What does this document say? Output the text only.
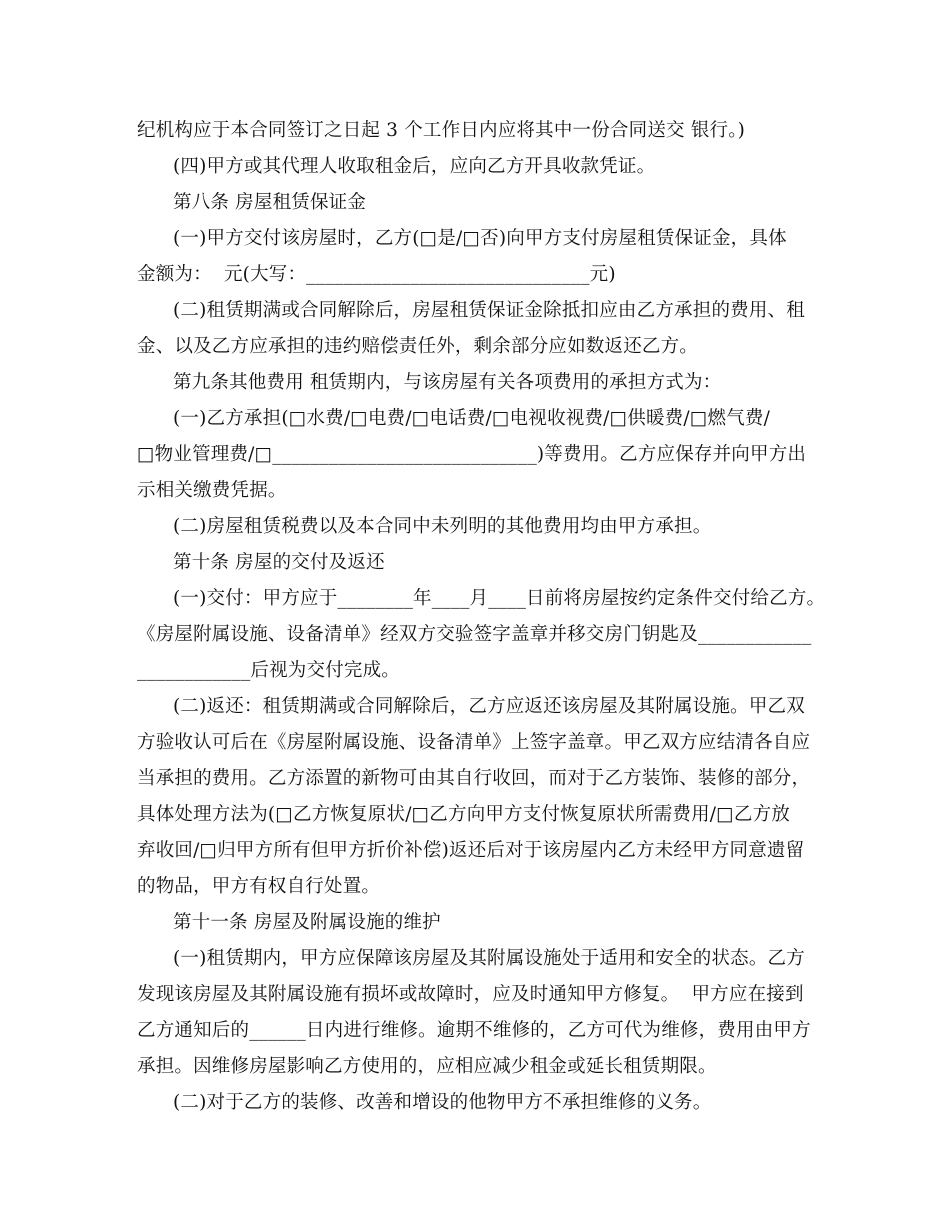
纪机构应于本合同签订之日起 3 个工作日内应将其中一份合同送交 银行。)
(四)甲方或其代理人收取租金后，应向乙方开具收款凭证。
第八条 房屋租赁保证金
(一)甲方交付该房屋时，乙方(□是/□否)向甲方支付房屋租赁保证金，具体
金额为：  元(大写：______________________________元)
(二)租赁期满或合同解除后，房屋租赁保证金除抵扣应由乙方承担的费用、租
金、以及乙方应承担的违约赔偿责任外，剩余部分应如数返还乙方。
第九条其他费用 租赁期内，与该房屋有关各项费用的承担方式为：
(一)乙方承担(□水费/□电费/□电话费/□电视收视费/□供暖费/□燃气费/
□物业管理费/□____________________________)等费用。乙方应保存并向甲方出
示相关缴费凭据。
(二)房屋租赁税费以及本合同中未列明的其他费用均由甲方承担。
第十条 房屋的交付及返还
(一)交付：甲方应于________年____月____日前将房屋按约定条件交付给乙方。
《房屋附属设施、设备清单》经双方交验签字盖章并移交房门钥匙及____________
____________后视为交付完成。
(二)返还：租赁期满或合同解除后，乙方应返还该房屋及其附属设施。甲乙双
方验收认可后在《房屋附属设施、设备清单》上签字盖章。甲乙双方应结清各自应
当承担的费用。乙方添置的新物可由其自行收回，而对于乙方装饰、装修的部分，
具体处理方法为(□乙方恢复原状/□乙方向甲方支付恢复原状所需费用/□乙方放
弃收回/□归甲方所有但甲方折价补偿)返还后对于该房屋内乙方未经甲方同意遗留
的物品，甲方有权自行处置。
第十一条 房屋及附属设施的维护
(一)租赁期内，甲方应保障该房屋及其附属设施处于适用和安全的状态。乙方
发现该房屋及其附属设施有损坏或故障时，应及时通知甲方修复。  甲方应在接到
乙方通知后的______日内进行维修。逾期不维修的，乙方可代为维修，费用由甲方
承担。因维修房屋影响乙方使用的，应相应减少租金或延长租赁期限。
(二)对于乙方的装修、改善和增设的他物甲方不承担维修的义务。
